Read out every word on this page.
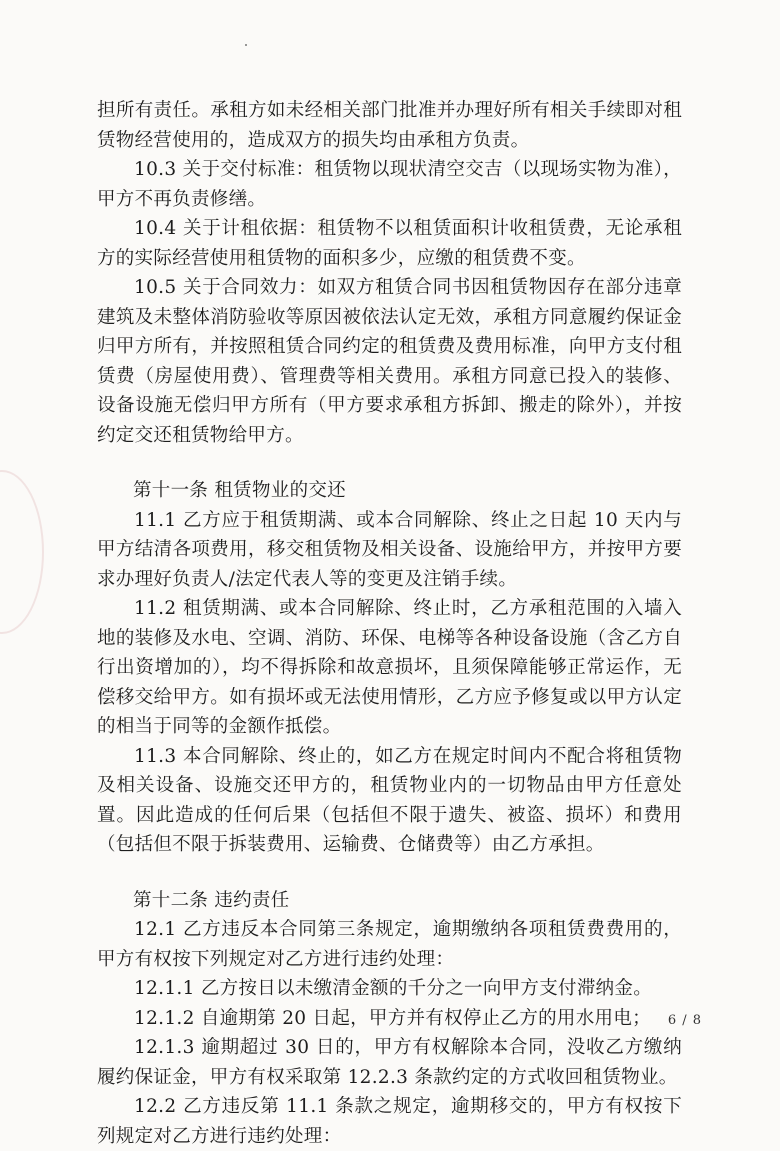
担所有责任。承租方如未经相关部门批准并办理好所有相关手续即对租赁物经营使用的，造成双方的损失均由承租方负责。

10.3 关于交付标准：租赁物以现状清空交吉（以现场实物为准），甲方不再负责修缮。

10.4 关于计租依据：租赁物不以租赁面积计收租赁费，无论承租方的实际经营使用租赁物的面积多少，应缴的租赁费不变。

10.5 关于合同效力：如双方租赁合同书因租赁物因存在部分违章建筑及未整体消防验收等原因被依法认定无效，承租方同意履约保证金归甲方所有，并按照租赁合同约定的租赁费及费用标准，向甲方支付租赁费（房屋使用费）、管理费等相关费用。承租方同意已投入的装修、设备设施无偿归甲方所有（甲方要求承租方拆卸、搬走的除外），并按约定交还租赁物给甲方。

第十一条 租赁物业的交还

11.1 乙方应于租赁期满、或本合同解除、终止之日起 10 天内与甲方结清各项费用，移交租赁物及相关设备、设施给甲方，并按甲方要求办理好负责人/法定代表人等的变更及注销手续。

11.2 租赁期满、或本合同解除、终止时，乙方承租范围的入墙入地的装修及水电、空调、消防、环保、电梯等各种设备设施（含乙方自行出资增加的），均不得拆除和故意损坏，且须保障能够正常运作，无偿移交给甲方。如有损坏或无法使用情形，乙方应予修复或以甲方认定的相当于同等的金额作抵偿。

11.3 本合同解除、终止的，如乙方在规定时间内不配合将租赁物及相关设备、设施交还甲方的，租赁物业内的一切物品由甲方任意处置。因此造成的任何后果（包括但不限于遗失、被盗、损坏）和费用（包括但不限于拆装费用、运输费、仓储费等）由乙方承担。

第十二条 违约责任

12.1 乙方违反本合同第三条规定，逾期缴纳各项租赁费费用的，甲方有权按下列规定对乙方进行违约处理：

12.1.1 乙方按日以未缴清金额的千分之一向甲方支付滞纳金。

12.1.2 自逾期第 20 日起，甲方并有权停止乙方的用水用电；

12.1.3 逾期超过 30 日的，甲方有权解除本合同，没收乙方缴纳履约保证金，甲方有权采取第 12.2.3 条款约定的方式收回租赁物业。

12.2 乙方违反第 11.1 条款之规定，逾期移交的，甲方有权按下列规定对乙方进行违约处理：

6 / 8
